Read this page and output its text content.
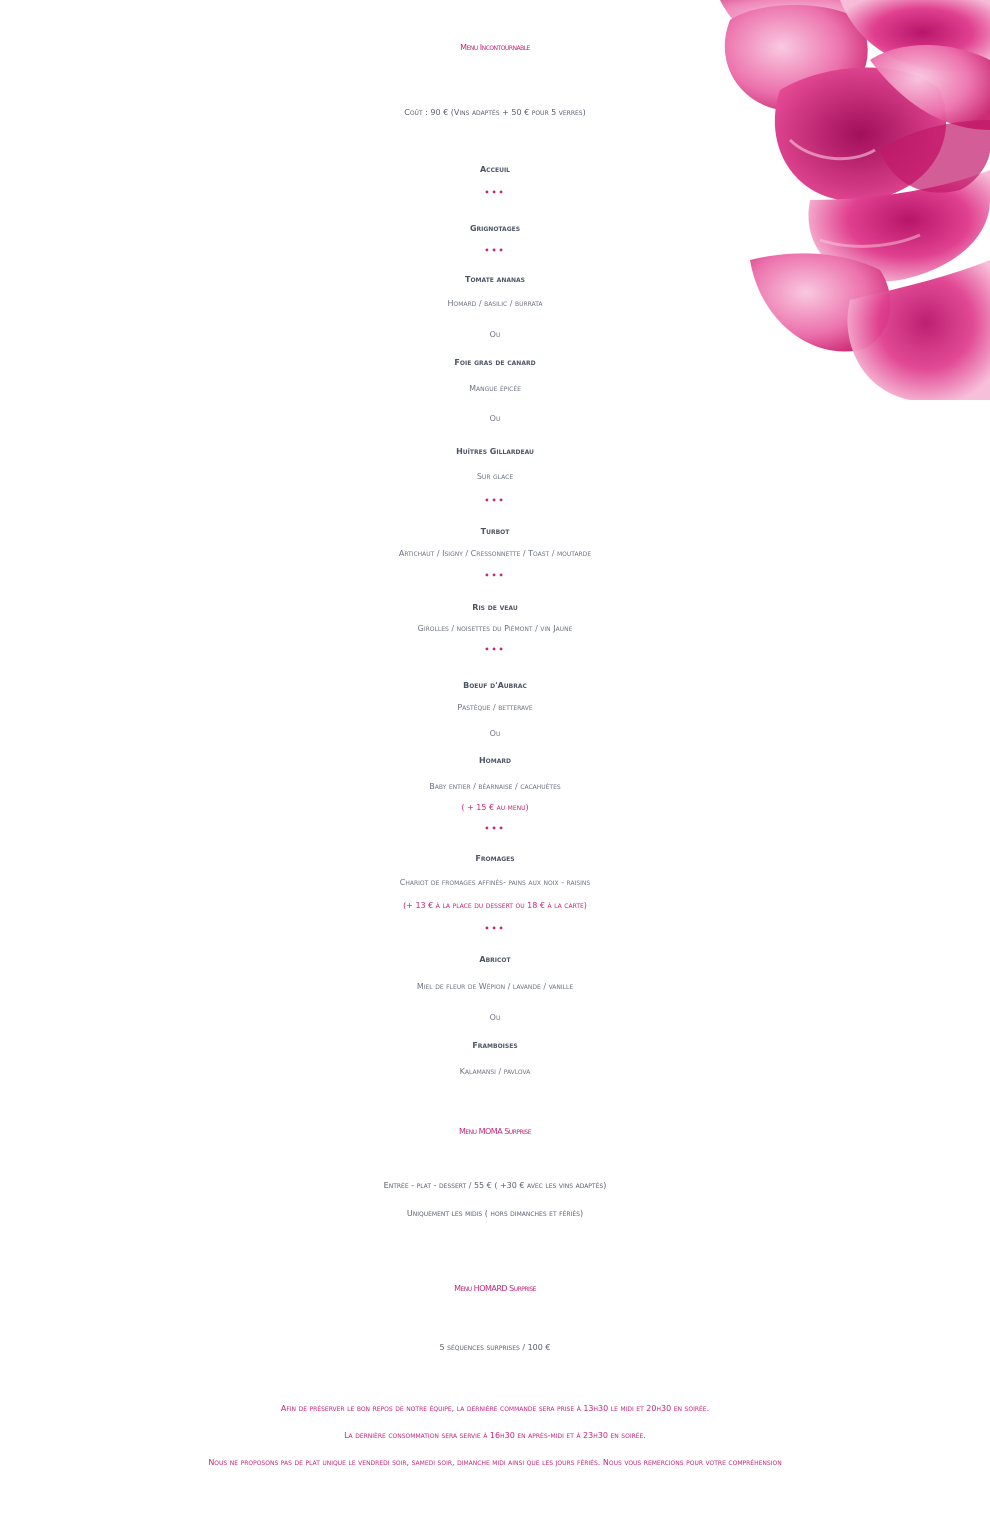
Menu Incontournable
Coût : 90 € (Vins adaptés + 50 € pour 5 verres)
Acceuil
•••
Grignotages
•••
Tomate ananas
Homard / basilic / burrata
Ou
Foie gras de canard
Mangue épicée
Ou
Huîtres Gillardeau
Sur glace
•••
Turbot
Artichaut / Isigny / Cressonnette / Toast / moutarde
•••
Ris de veau
Girolles / noisettes du Piémont / vin Jaune
•••
Boeuf d'Aubrac
Pastèque / betterave
Ou
Homard
Baby entier / béarnaise / cacahuètes
( + 15 € au menu)
•••
Fromages
Chariot de fromages affinés- pains aux noix - raisins
(+ 13 € à la place du dessert ou 18 € à la carte)
•••
Abricot
Miel de fleur de Wépion / lavande / vanille
Ou
Framboises
Kalamansi / pavlova
Menu MOMA Surprise
Entrée - plat - dessert / 55 € ( +30 € avec les vins adaptés)
Uniquement les midis ( hors dimanches et fériés)
Menu HOMARD Surprise
5 séquences surprises / 100 €
Afin de préserver le bon repos de notre équipe, la dernière commande sera prise à 13h30 le midi et 20h30 en soirée.
La dernière consommation sera servie à 16h30 en après-midi et à 23h30 en soirée.
Nous ne proposons pas de plat unique le vendredi soir, samedi soir, dimanche midi ainsi que les jours fériés. Nous vous remercions pour votre compréhension
